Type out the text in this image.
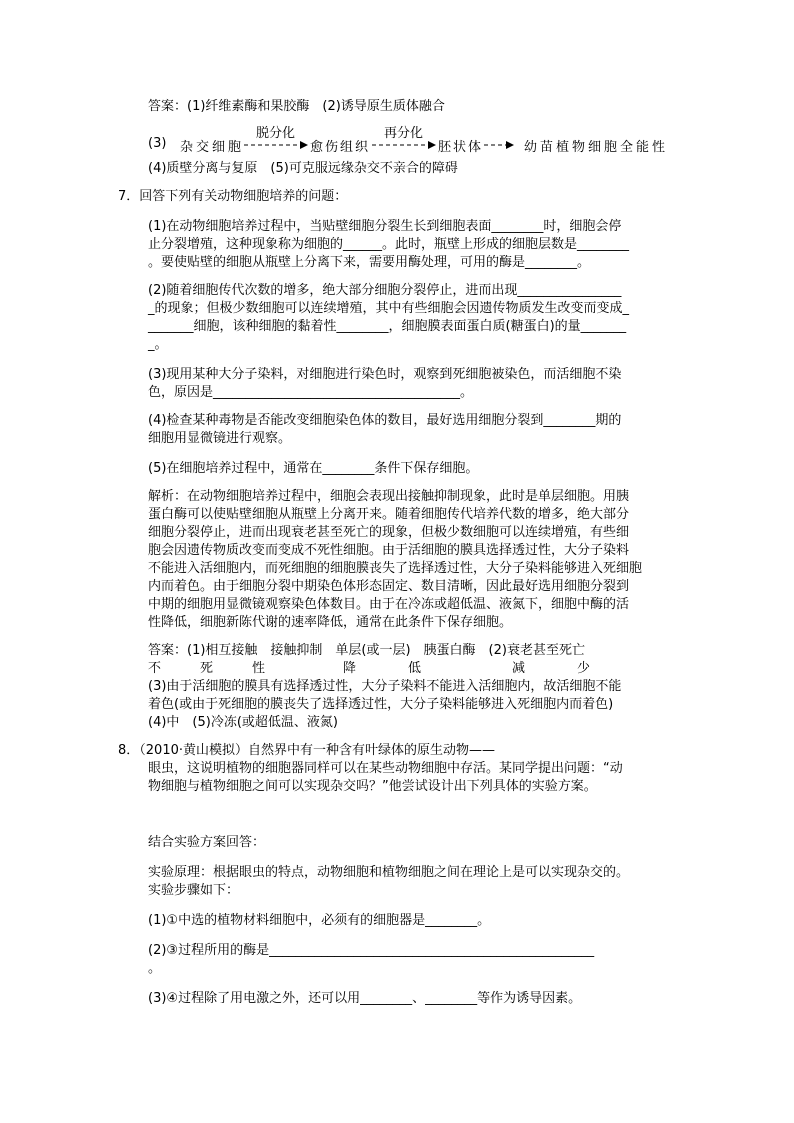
答案：(1)纤维素酶和果胶酶　(2)诱导原生质体融合
(3) 杂交细胞
脱分化
愈伤组织
再分化
胚状体	幼苗植物细胞全能性
(4)质壁分离与复原　(5)可克服远缘杂交不亲合的障碍
7．回答下列有关动物细胞培养的问题：
(1)在动物细胞培养过程中，当贴壁细胞分裂生长到细胞表面________时，细胞会停
止分裂增殖，这种现象称为细胞的______。此时，瓶壁上形成的细胞层数是________
。要使贴壁的细胞从瓶壁上分离下来，需要用酶处理，可用的酶是________。
(2)随着细胞传代次数的增多，绝大部分细胞分裂停止，进而出现________________
_的现象；但极少数细胞可以连续增殖，其中有些细胞会因遗传物质发生改变而变成_
_______细胞，该种细胞的黏着性________，细胞膜表面蛋白质(糖蛋白)的量_______
_。
(3)现用某种大分子染料，对细胞进行染色时，观察到死细胞被染色，而活细胞不染
色，原因是______________________________________。
(4)检查某种毒物是否能改变细胞染色体的数目，最好选用细胞分裂到________期的
细胞用显微镜进行观察。
(5)在细胞培养过程中，通常在________条件下保存细胞。
解析：在动物细胞培养过程中，细胞会表现出接触抑制现象，此时是单层细胞。用胰
蛋白酶可以使贴壁细胞从瓶壁上分离开来。随着细胞传代培养代数的增多，绝大部分
细胞分裂停止，进而出现衰老甚至死亡的现象，但极少数细胞可以连续增殖，有些细
胞会因遗传物质改变而变成不死性细胞。由于活细胞的膜具选择透过性，大分子染料
不能进入活细胞内，而死细胞的细胞膜丧失了选择透过性，大分子染料能够进入死细胞
内而着色。由于细胞分裂中期染色体形态固定、数目清晰，因此最好选用细胞分裂到
中期的细胞用显微镜观察染色体数目。由于在冷冻或超低温、液氮下，细胞中酶的活
性降低，细胞新陈代谢的速率降低，通常在此条件下保存细胞。
答案：(1)相互接触　接触抑制　单层(或一层)　胰蛋白酶　(2)衰老甚至死亡
不　　　死　　　性　　　　　　降　　　　低　　　　　　　减　　　　少
(3)由于活细胞的膜具有选择透过性，大分子染料不能进入活细胞内，故活细胞不能
着色(或由于死细胞的膜丧失了选择透过性，大分子染料能够进入死细胞内而着色)
(4)中　(5)冷冻(或超低温、液氮)
8．（2010·黄山模拟）自然界中有一种含有叶绿体的原生动物——
眼虫，这说明植物的细胞器同样可以在某些动物细胞中存活。某同学提出问题：“动
物细胞与植物细胞之间可以实现杂交吗？”他尝试设计出下列具体的实验方案。
结合实验方案回答：
实验原理：根据眼虫的特点，动物细胞和植物细胞之间在理论上是可以实现杂交的。
实验步骤如下：
(1)①中选的植物材料细胞中，必须有的细胞器是________。
(2)③过程所用的酶是__________________________________________________
。
(3)④过程除了用电激之外，还可以用________、________等作为诱导因素。
